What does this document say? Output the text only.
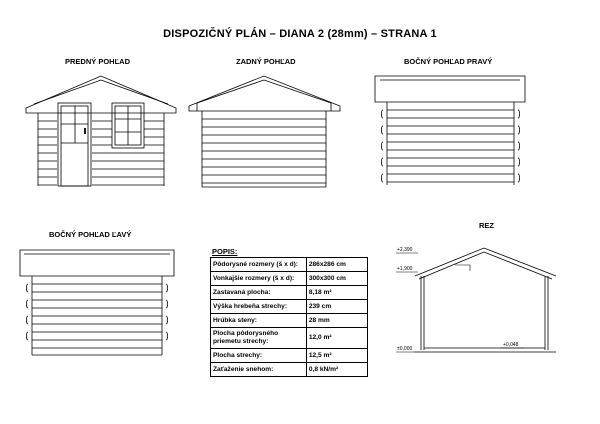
DISPOZIČNÝ PLÁN – DIANA 2 (28mm) – STRANA 1
PREDNÝ POHĽAD	ZADNÝ POHĽAD	BOČNÝ POHĽAD PRAVÝ
BOČNÝ POHĽAD ĽAVÝ
REZ
+2,390
+1,900
±0,000
+0,048
POPIS:
Pôdorysné rozmery (š x d):	286x286 cm
Vonkajšie rozmery (š x d):	300x300 cm
Zastavaná plocha:	8,18 m²
Výška hrebeňa strechy:	239 cm
Hrúbka steny:	28 mm
Plocha pôdorysného priemetu strechy:	12,0 m²
Plocha strechy:	12,5 m²
Zaťaženie snehom:	0,8 kN/m²
